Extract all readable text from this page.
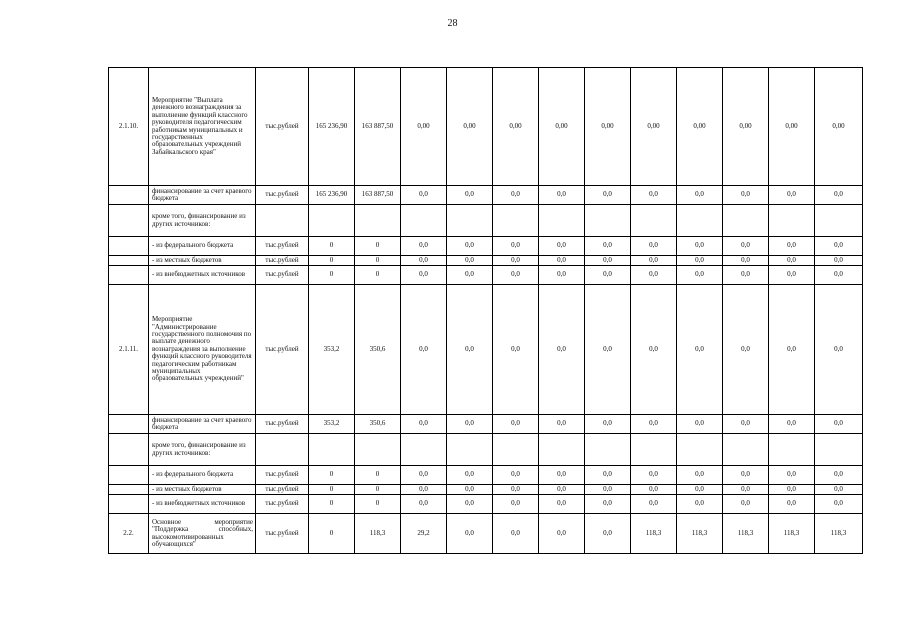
28
2.1.10.	Мероприятие "Выплата денежного вознаграждения за выполнение функций классного руководителя педагогическим работникам муниципальных и государственных образовательных учреждений Забайкальского края"	тыс.рублей	165 236,90	163 887,50	0,00	0,00	0,00	0,00	0,00	0,00	0,00	0,00	0,00	0,00
	финансирование за счет краевого бюджета	тыс.рублей	165 236,90	163 887,50	0,0	0,0	0,0	0,0	0,0	0,0	0,0	0,0	0,0	0,0
	кроме того, финансирование из других источников:													
	- из федерального бюджета	тыс.рублей	0	0	0,0	0,0	0,0	0,0	0,0	0,0	0,0	0,0	0,0	0,0
	- из местных бюджетов	тыс.рублей	0	0	0,0	0,0	0,0	0,0	0,0	0,0	0,0	0,0	0,0	0,0
	- из внебюджетных источников	тыс.рублей	0	0	0,0	0,0	0,0	0,0	0,0	0,0	0,0	0,0	0,0	0,0
2.1.11.	Мероприятие "Администрирование государственного полномочия по выплате денежного вознаграждения за выполнение функций классного руководителя педагогическим работникам муниципальных образовательных учреждений"	тыс.рублей	353,2	350,6	0,0	0,0	0,0	0,0	0,0	0,0	0,0	0,0	0,0	0,0
	финансирование за счет краевого бюджета	тыс.рублей	353,2	350,6	0,0	0,0	0,0	0,0	0,0	0,0	0,0	0,0	0,0	0,0
	кроме того, финансирование из других источников:													
	- из федерального бюджета	тыс.рублей	0	0	0,0	0,0	0,0	0,0	0,0	0,0	0,0	0,0	0,0	0,0
	- из местных бюджетов	тыс.рублей	0	0	0,0	0,0	0,0	0,0	0,0	0,0	0,0	0,0	0,0	0,0
	- из внебюджетных источников	тыс.рублей	0	0	0,0	0,0	0,0	0,0	0,0	0,0	0,0	0,0	0,0	0,0
2.2.	Основное мероприятие "Поддержка способных, высокомотивированных обучающихся"	тыс.рублей	0	118,3	29,2	0,0	0,0	0,0	0,0	118,3	118,3	118,3	118,3	118,3
